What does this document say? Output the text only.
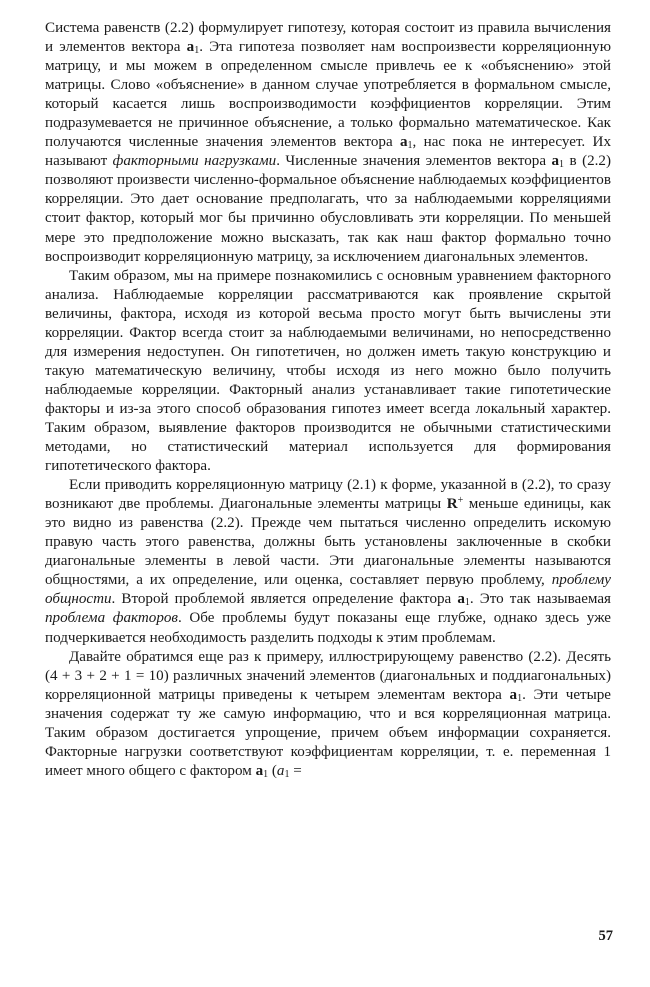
Система равенств (2.2) формулирует гипотезу, которая состоит из правила вычисления и элементов вектора $a_1$. Эта гипотеза позволяет нам воспроизвести корреляционную матрицу, и мы можем в определенном смысле привлечь ее к «объяснению» этой матрицы. Слово «объяснение» в данном случае употребляется в формальном смысле, который касается лишь воспроизводимости коэффициентов корреляции. Этим подразумевается не причинное объяснение, а только формально математическое. Как получаются численные значения элементов вектора $a_1$, нас пока не интересует. Их называют факторными нагрузками. Численные значения элементов вектора $a_1$ в (2.2) позволяют произвести численно-формальное объяснение наблюдаемых коэффициентов корреляции. Это дает основание предполагать, что за наблюдаемыми корреляциями стоит фактор, который мог бы причинно обусловливать эти корреляции. По меньшей мере это предположение можно высказать, так как наш фактор формально точно воспроизводит корреляционную матрицу, за исключением диагональных элементов.

Таким образом, мы на примере познакомились с основным уравнением факторного анализа. Наблюдаемые корреляции рассматриваются как проявление скрытой величины, фактора, исходя из которой весьма просто могут быть вычислены эти корреляции. Фактор всегда стоит за наблюдаемыми величинами, но непосредственно для измерения недоступен. Он гипотетичен, но должен иметь такую конструкцию и такую математическую величину, чтобы исходя из него можно было получить наблюдаемые корреляции. Факторный анализ устанавливает такие гипотетические факторы и из-за этого способ образования гипотез имеет всегда локальный характер. Таким образом, выявление факторов производится не обычными статистическими методами, но статистический материал используется для формирования гипотетического фактора.

Если приводить корреляционную матрицу (2.1) к форме, указанной в (2.2), то сразу возникают две проблемы. Диагональные элементы матрицы R+ меньше единицы, как это видно из равенства (2.2). Прежде чем пытаться численно определить искомую правую часть этого равенства, должны быть установлены заключенные в скобки диагональные элементы в левой части. Эти диагональные элементы называются общностями, а их определение, или оценка, составляет первую проблему, проблему общности. Второй проблемой является определение фактора $a_1$. Это так называемая проблема факторов. Обе проблемы будут показаны еще глубже, однако здесь уже подчеркивается необходимость разделить подходы к этим проблемам.

Давайте обратимся еще раз к примеру, иллюстрирующему равенство (2.2). Десять (4 + 3 + 2 + 1 = 10) различных значений элементов (диагональных и поддиагональных) корреляционной матрицы приведены к четырем элементам вектора $a_1$. Эти четыре значения содержат ту же самую информацию, что и вся корреляционная матрица. Таким образом достигается упрощение, причем объем информации сохраняется. Факторные нагрузки соответствуют коэффициентам корреляции, т. е. переменная 1 имеет много общего с фактором $a_1$ ($a_1$ =

57
